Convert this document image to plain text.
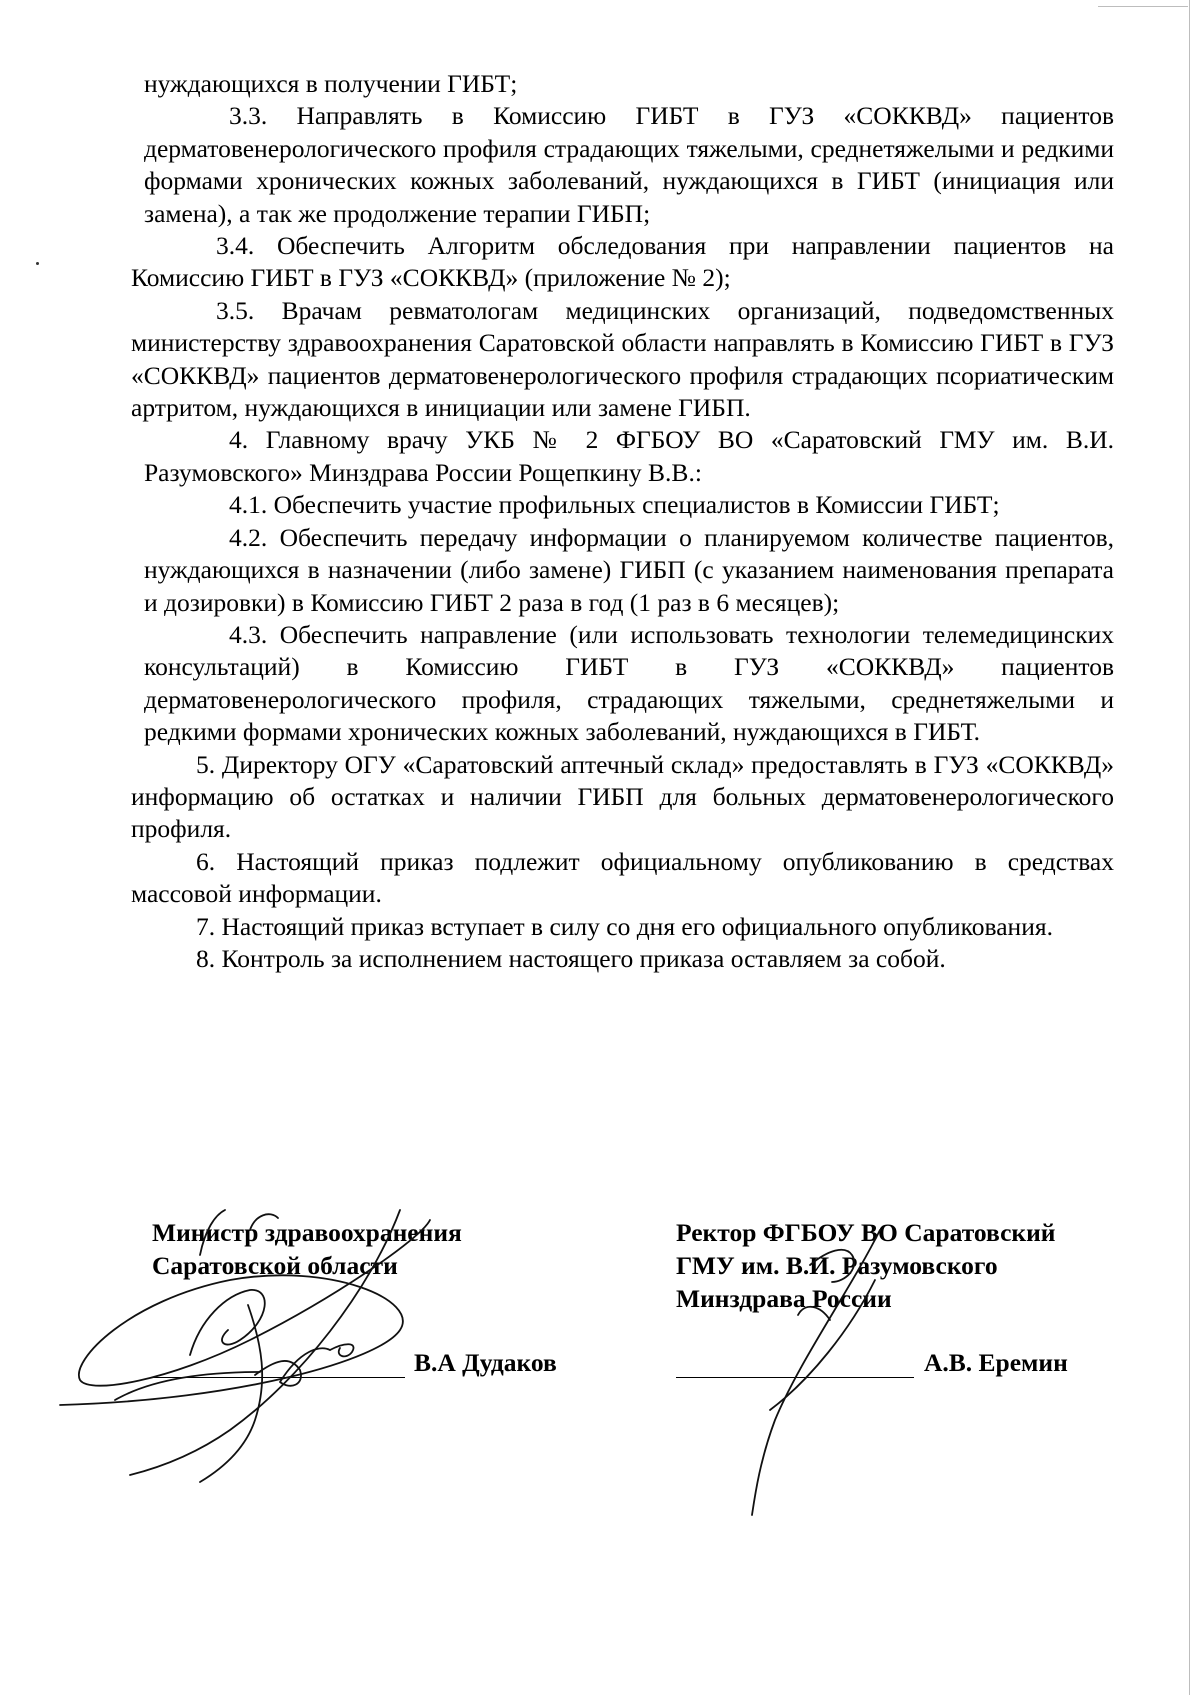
нуждающихся в получении ГИБТ;

3.3. Направлять в Комиссию ГИБТ в ГУЗ «СОККВД» пациентов дерматовенерологического профиля страдающих тяжелыми, среднетяжелыми и редкими формами хронических кожных заболеваний, нуждающихся в ГИБТ (инициация или замена), а так же продолжение терапии ГИБП;

3.4. Обеспечить Алгоритм обследования при направлении пациентов на Комиссию ГИБТ в ГУЗ «СОККВД» (приложение № 2);

3.5. Врачам ревматологам медицинских организаций, подведомственных министерству здравоохранения Саратовской области направлять в Комиссию ГИБТ в ГУЗ «СОККВД» пациентов дерматовенерологического профиля страдающих псориатическим артритом, нуждающихся в инициации или замене ГИБП.

4. Главному врачу УКБ № 2 ФГБОУ ВО «Саратовский ГМУ им. В.И. Разумовского» Минздрава России Рощепкину В.В.:

4.1. Обеспечить участие профильных специалистов в Комиссии ГИБТ;

4.2. Обеспечить передачу информации о планируемом количестве пациентов, нуждающихся в назначении (либо замене) ГИБП (с указанием наименования препарата и дозировки) в Комиссию ГИБТ 2 раза в год (1 раз в 6 месяцев);

4.3. Обеспечить направление (или использовать технологии телемедицинских консультаций) в Комиссию ГИБТ в ГУЗ «СОККВД» пациентов дерматовенерологического профиля, страдающих тяжелыми, среднетяжелыми и редкими формами хронических кожных заболеваний, нуждающихся в ГИБТ.

5. Директору ОГУ «Саратовский аптечный склад» предоставлять в ГУЗ «СОККВД» информацию об остатках и наличии ГИБП для больных дерматовенерологического профиля.

6. Настоящий приказ подлежит официальному опубликованию в средствах массовой информации.

7. Настоящий приказ вступает в силу со дня его официального опубликования.

8. Контроль за исполнением настоящего приказа оставляем за собой.

Министр здравоохранения
Саратовской области
В.А Дудаков
Ректор ФГБОУ ВО Саратовский
ГМУ им. В.И. Разумовского
Минздрава России
А.В. Еремин
